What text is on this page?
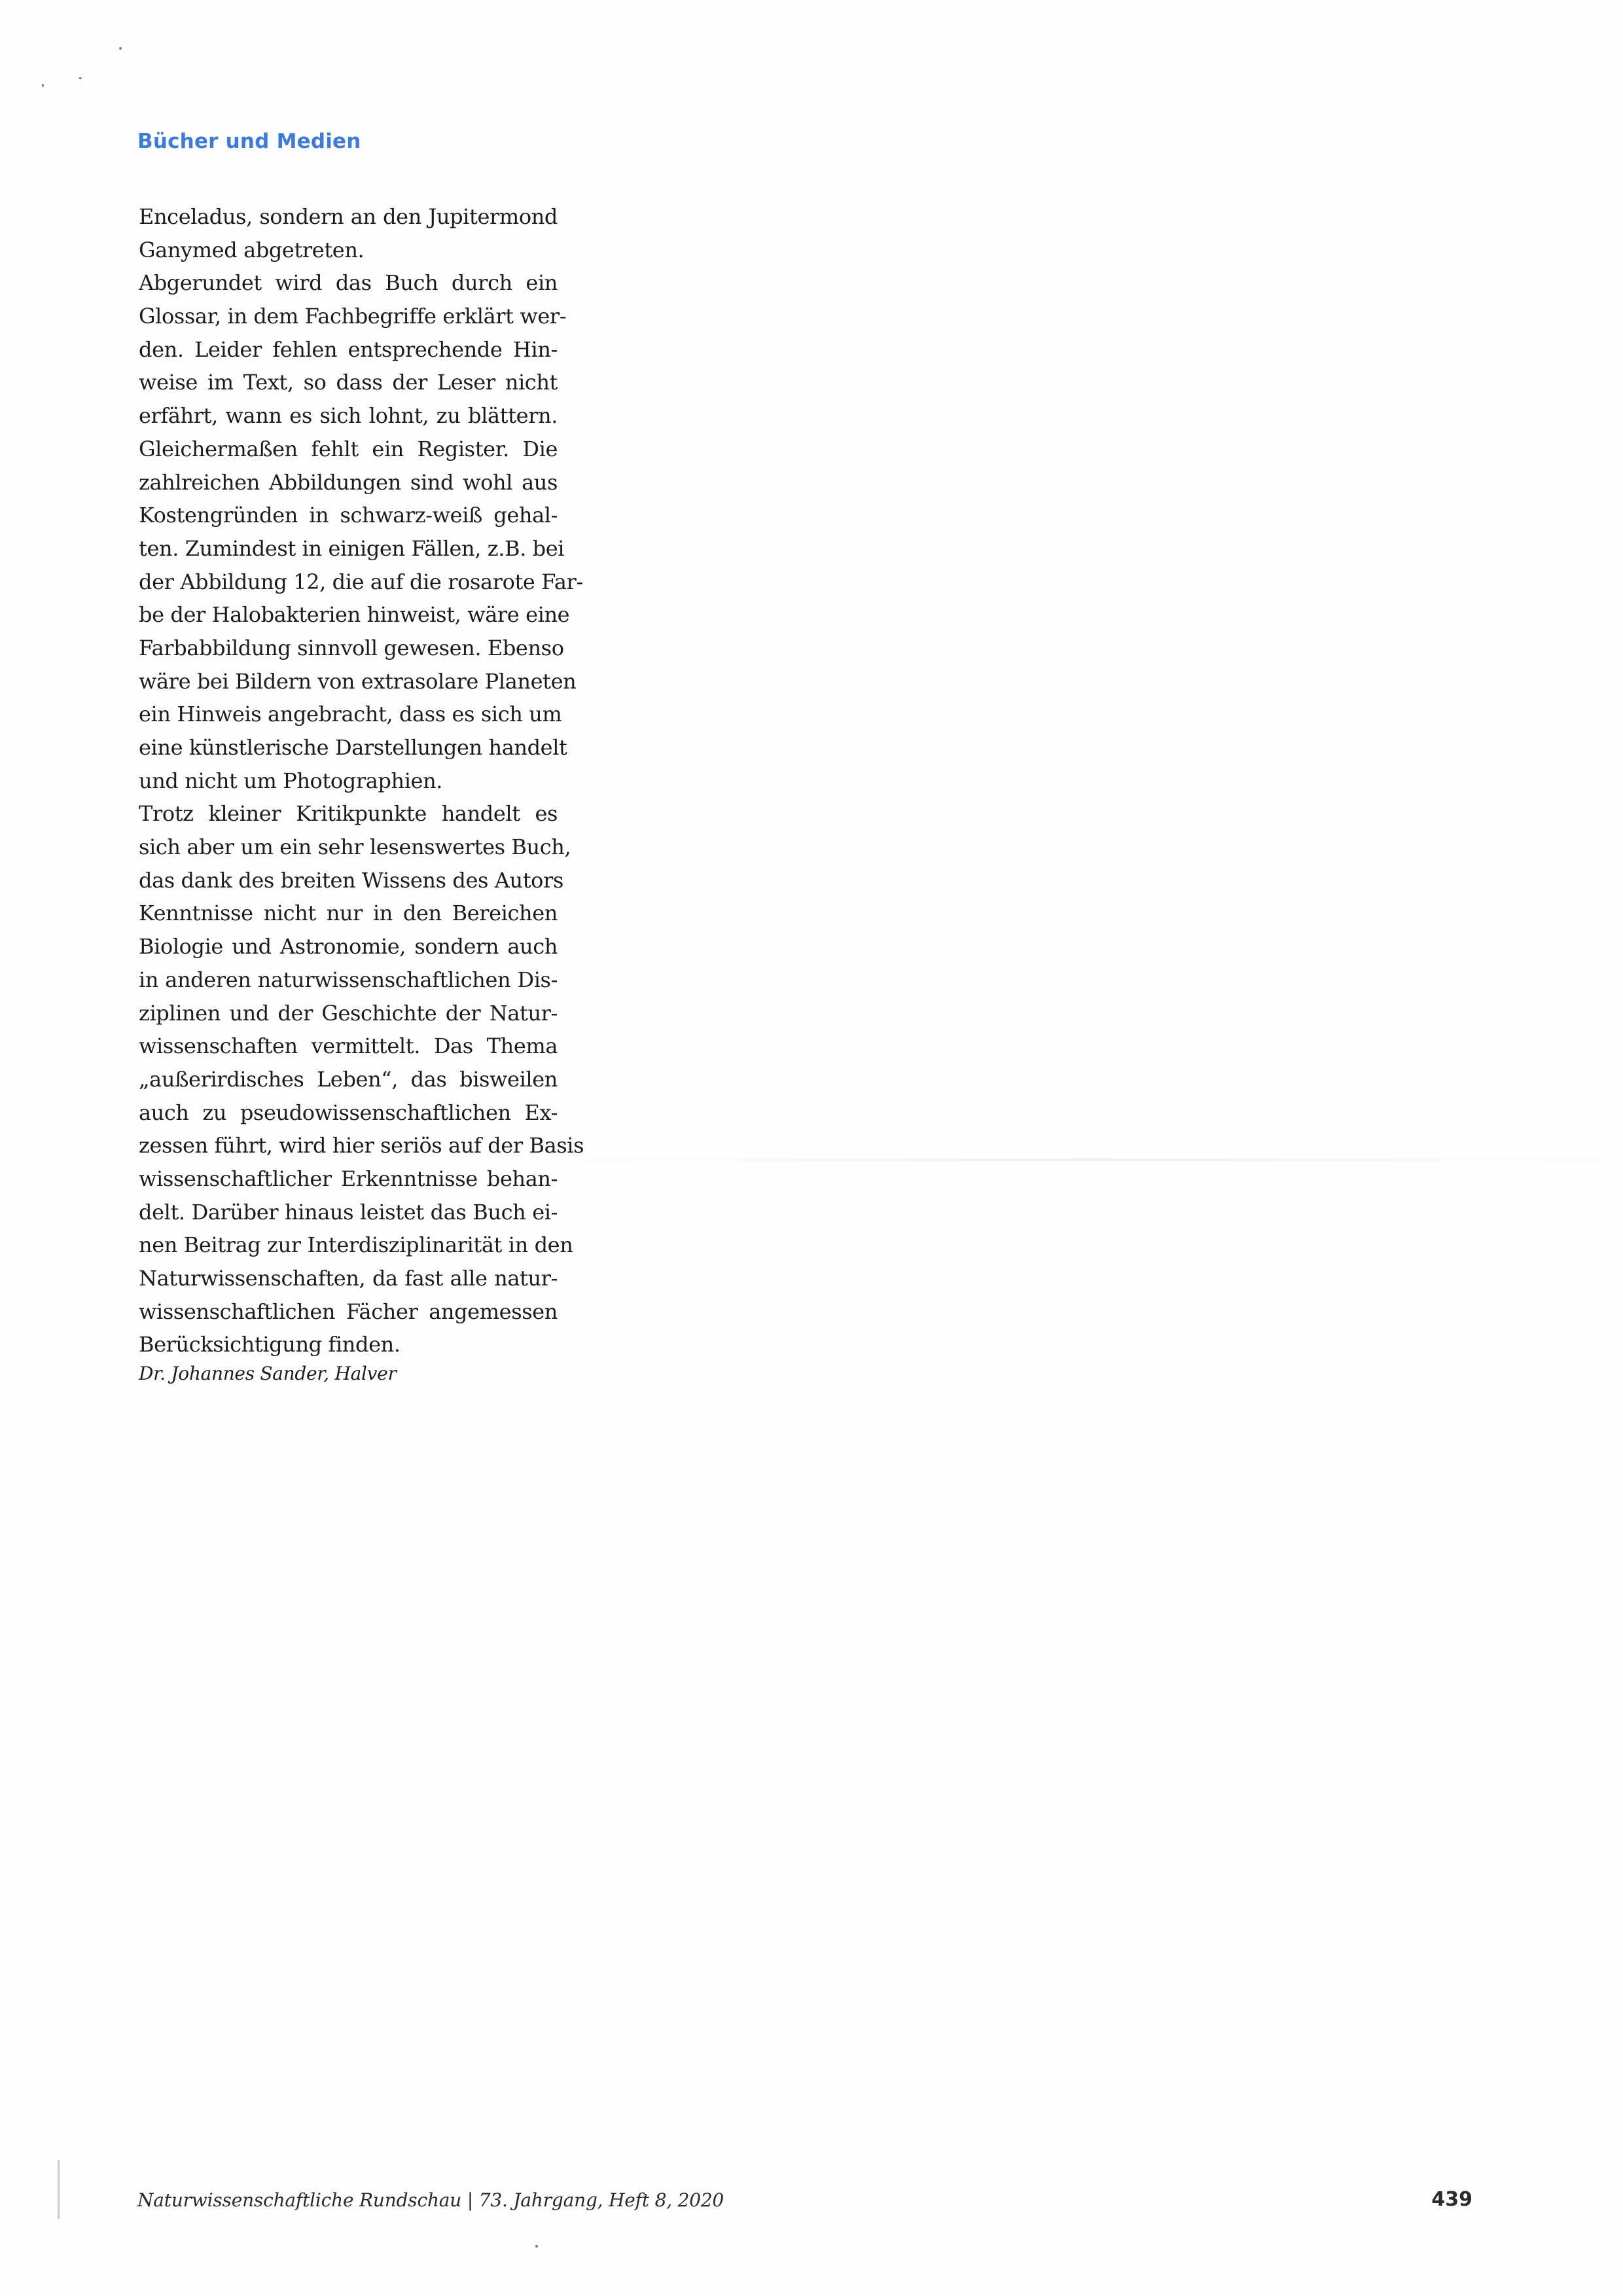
Bücher und Medien
Enceladus, sondern an den Jupitermond
Ganymed abgetreten.
Abgerundet wird das Buch durch ein
Glossar, in dem Fachbegriffe erklärt wer-
den. Leider fehlen entsprechende Hin-
weise im Text, so dass der Leser nicht
erfährt, wann es sich lohnt, zu blättern.
Gleichermaßen fehlt ein Register. Die
zahlreichen Abbildungen sind wohl aus
Kostengründen in schwarz-weiß gehal-
ten. Zumindest in einigen Fällen, z.B. bei
der Abbildung 12, die auf die rosarote Far-
be der Halobakterien hinweist, wäre eine
Farbabbildung sinnvoll gewesen. Ebenso
wäre bei Bildern von extrasolare Planeten
ein Hinweis angebracht, dass es sich um
eine künstlerische Darstellungen handelt
und nicht um Photographien.
Trotz kleiner Kritikpunkte handelt es
sich aber um ein sehr lesenswertes Buch,
das dank des breiten Wissens des Autors
Kenntnisse nicht nur in den Bereichen
Biologie und Astronomie, sondern auch
in anderen naturwissenschaftlichen Dis-
ziplinen und der Geschichte der Natur-
wissenschaften vermittelt. Das Thema
„außerirdisches Leben“, das bisweilen
auch zu pseudowissenschaftlichen Ex-
zessen führt, wird hier seriös auf der Basis
wissenschaftlicher Erkenntnisse behan-
delt. Darüber hinaus leistet das Buch ei-
nen Beitrag zur Interdisziplinarität in den
Naturwissenschaften, da fast alle natur-
wissenschaftlichen Fächer angemessen
Berücksichtigung finden.
Dr. Johannes Sander, Halver
Naturwissenschaftliche Rundschau | 73. Jahrgang, Heft 8, 2020	439
